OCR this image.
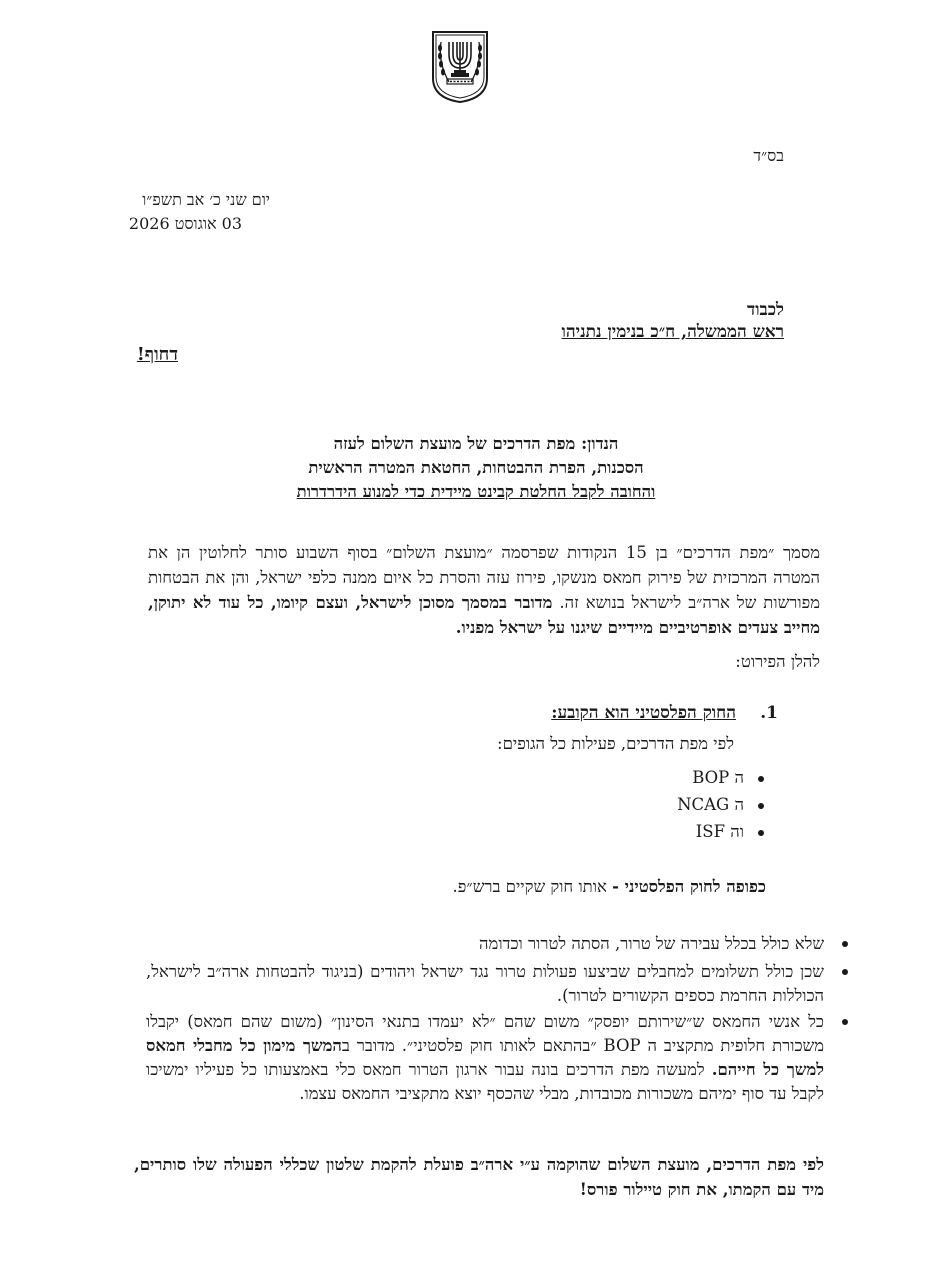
בס״ד
יום שני כ׳ אב תשפ״ו
03 אוגוסט 2026
לכבוד
ראש הממשלה, ח״כ בנימין נתניהו
דחוף!
הנדון: מפת הדרכים של מועצת השלום לעזה
הסכנות, הפרת ההבטחות, החטאת המטרה הראשית
והחובה לקבל החלטת קבינט מיידית כדי למנוע הידרדרות
מסמך ״מפת הדרכים״ בן 15 הנקודות שפרסמה ״מועצת השלום״ בסוף השבוע סותר לחלוטין הן את המטרה המרכזית של פירוק חמאס מנשקו, פירוז עזה והסרת כל איום ממנה כלפי ישראל, והן את הבטחות מפורשות של ארה״ב לישראל בנושא זה. מדובר במסמך מסוכן לישראל, ועצם קיומו, כל עוד לא יתוקן, מחייב צעדים אופרטיביים מיידיים שיגנו על ישראל מפניו.
להלן הפירוט:
.1
החוק הפלסטיני הוא הקובע:
לפי מפת הדרכים, פעילות כל הגופים:
ה BOP
ה NCAG
וה ISF
כפופה לחוק הפלסטיני - אותו חוק שקיים ברש״פ.
שלא כולל בכלל עבירה של טרור, הסתה לטרור וכדומה
שכן כולל תשלומים למחבלים שביצעו פעולות טרור נגד ישראל ויהודים (בניגוד להבטחות ארה״ב לישראל, הכוללות החרמת כספים הקשורים לטרור).
כל אנשי החמאס ש״שירותם יופסק״ משום שהם ״לא יעמדו בתנאי הסינון״ (משום שהם חמאס) יקבלו משכורת חלופית מתקציב ה BOP ״בהתאם לאותו חוק פלסטיני״. מדובר בהמשך מימון כל מחבלי חמאס למשך כל חייהם. למעשה מפת הדרכים בונה עבור ארגון הטרור חמאס כלי באמצעותו כל פעיליו ימשיכו לקבל עד סוף ימיהם משכורות מכובדות, מבלי שהכסף יוצא מתקציבי החמאס עצמו.
לפי מפת הדרכים, מועצת השלום שהוקמה ע״י ארה״ב פועלת להקמת שלטון שכללי הפעולה שלו סותרים, מיד עם הקמתו, את חוק טיילור פורס!
